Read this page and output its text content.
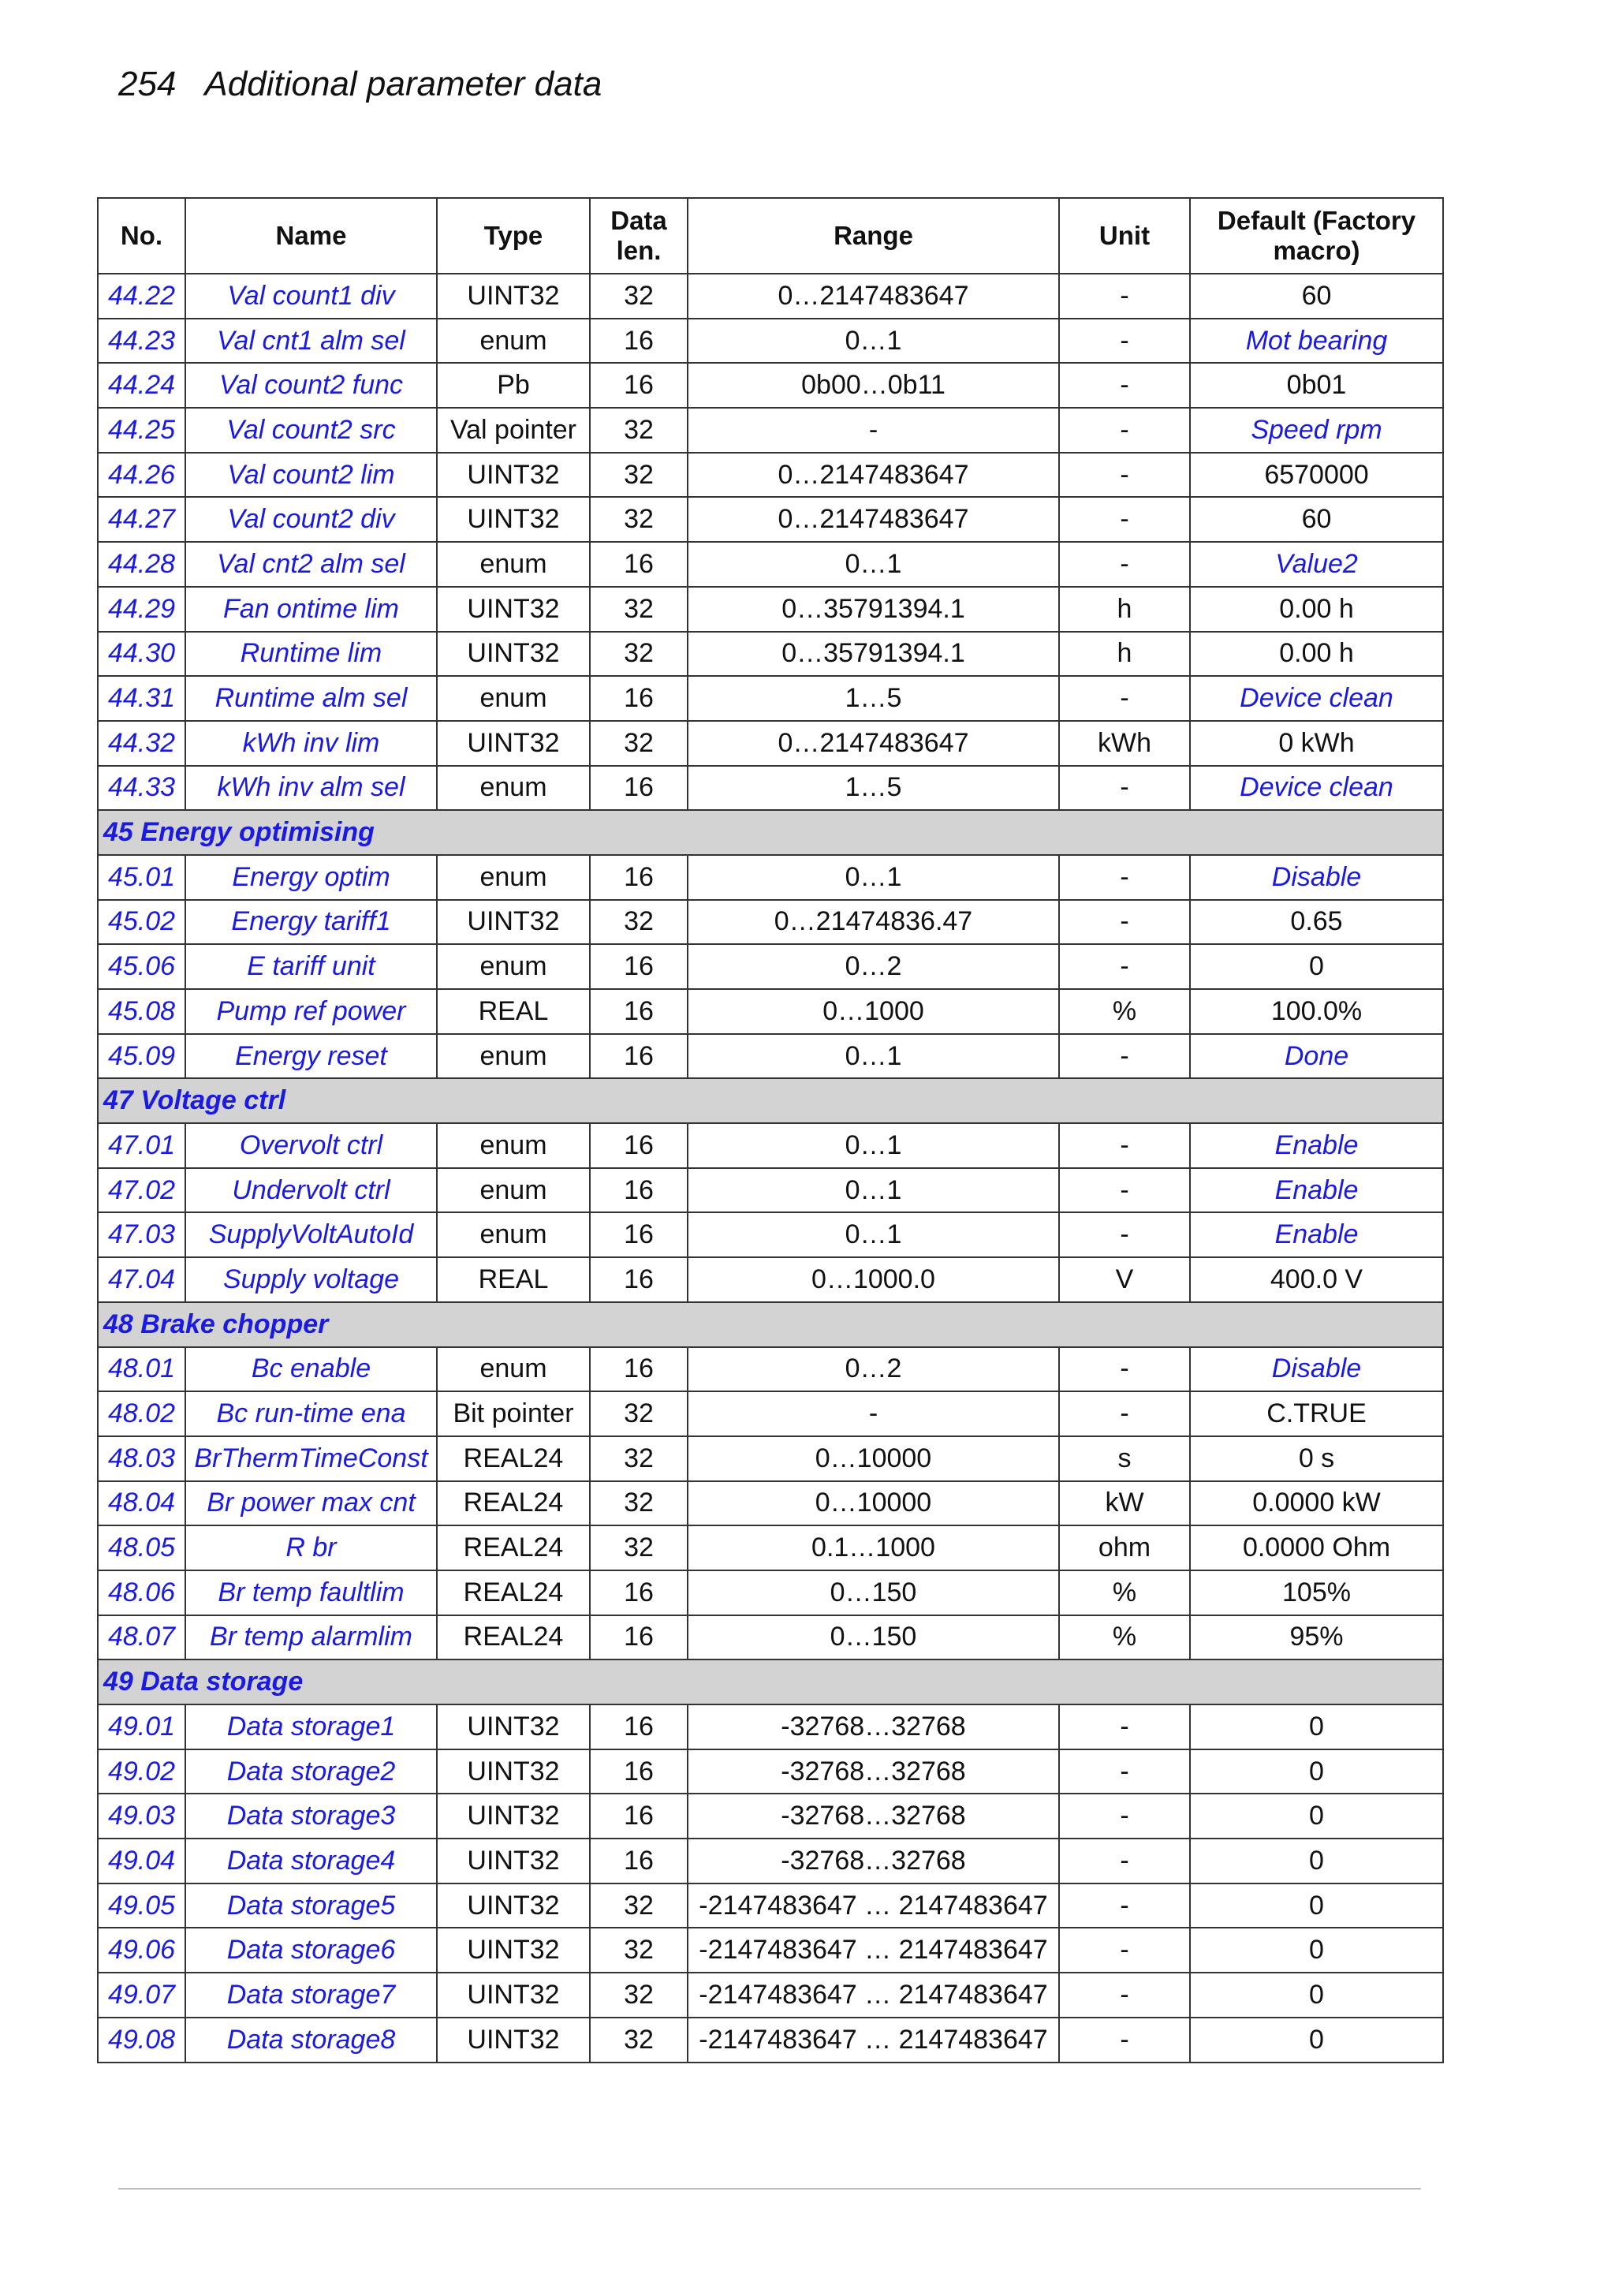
254 Additional parameter data
No.	Name	Type	Data len.	Range	Unit	Default (Factory macro)
44.22	Val count1 div	UINT32	32	0…2147483647	-	60
44.23	Val cnt1 alm sel	enum	16	0…1	-	Mot bearing
44.24	Val count2 func	Pb	16	0b00…0b11	-	0b01
44.25	Val count2 src	Val pointer	32	-	-	Speed rpm
44.26	Val count2 lim	UINT32	32	0…2147483647	-	6570000
44.27	Val count2 div	UINT32	32	0…2147483647	-	60
44.28	Val cnt2 alm sel	enum	16	0…1	-	Value2
44.29	Fan ontime lim	UINT32	32	0…35791394.1	h	0.00 h
44.30	Runtime lim	UINT32	32	0…35791394.1	h	0.00 h
44.31	Runtime alm sel	enum	16	1…5	-	Device clean
44.32	kWh inv lim	UINT32	32	0…2147483647	kWh	0 kWh
44.33	kWh inv alm sel	enum	16	1…5	-	Device clean
45 Energy optimising						
45.01	Energy optim	enum	16	0…1	-	Disable
45.02	Energy tariff1	UINT32	32	0…21474836.47	-	0.65
45.06	E tariff unit	enum	16	0…2	-	0
45.08	Pump ref power	REAL	16	0…1000	%	100.0%
45.09	Energy reset	enum	16	0…1	-	Done
47 Voltage ctrl						
47.01	Overvolt ctrl	enum	16	0…1	-	Enable
47.02	Undervolt ctrl	enum	16	0…1	-	Enable
47.03	SupplyVoltAutoId	enum	16	0…1	-	Enable
47.04	Supply voltage	REAL	16	0…1000.0	V	400.0 V
48 Brake chopper						
48.01	Bc enable	enum	16	0…2	-	Disable
48.02	Bc run-time ena	Bit pointer	32	-	-	C.TRUE
48.03	BrThermTimeConst	REAL24	32	0…10000	s	0 s
48.04	Br power max cnt	REAL24	32	0…10000	kW	0.0000 kW
48.05	R br	REAL24	32	0.1…1000	ohm	0.0000 Ohm
48.06	Br temp faultlim	REAL24	16	0…150	%	105%
48.07	Br temp alarmlim	REAL24	16	0…150	%	95%
49 Data storage						
49.01	Data storage1	UINT32	16	-32768…32768	-	0
49.02	Data storage2	UINT32	16	-32768…32768	-	0
49.03	Data storage3	UINT32	16	-32768…32768	-	0
49.04	Data storage4	UINT32	16	-32768…32768	-	0
49.05	Data storage5	UINT32	32	-2147483647 … 2147483647	-	0
49.06	Data storage6	UINT32	32	-2147483647 … 2147483647	-	0
49.07	Data storage7	UINT32	32	-2147483647 … 2147483647	-	0
49.08	Data storage8	UINT32	32	-2147483647 … 2147483647	-	0
